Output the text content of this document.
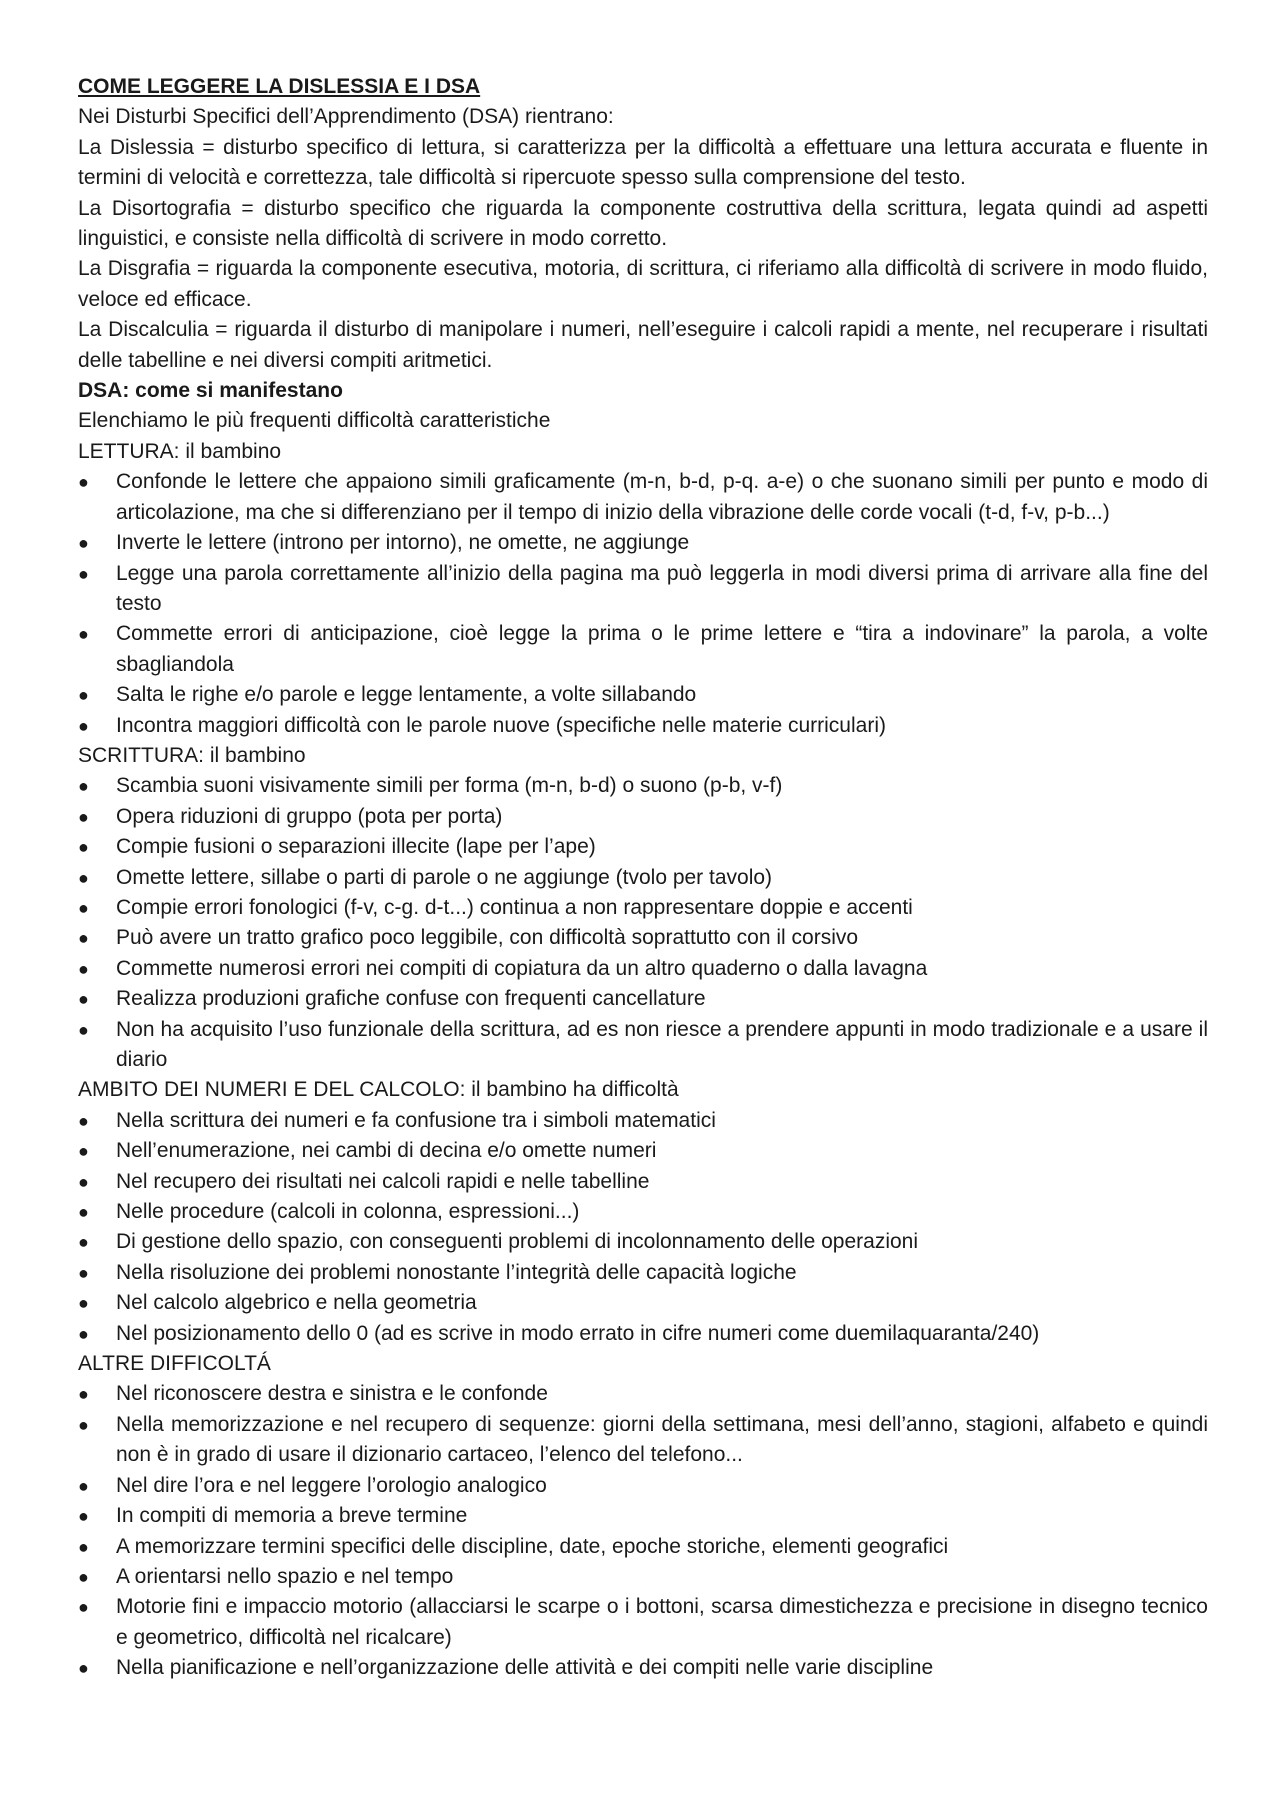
COME LEGGERE LA DISLESSIA E I DSA

Nei Disturbi Specifici dell’Apprendimento (DSA) rientrano:

La Dislessia = disturbo specifico di lettura, si caratterizza per la difficoltà a effettuare una lettura accurata e fluente in termini di velocità e correttezza, tale difficoltà si ripercuote spesso sulla comprensione del testo.

La Disortografia = disturbo specifico che riguarda la componente costruttiva della scrittura, legata quindi ad aspetti linguistici, e consiste nella difficoltà di scrivere in modo corretto.

La Disgrafia = riguarda la componente esecutiva, motoria, di scrittura, ci riferiamo alla difficoltà di scrivere in modo fluido, veloce ed efficace.

La Discalculia = riguarda il disturbo di manipolare i numeri, nell’eseguire i calcoli rapidi a mente, nel recuperare i risultati delle tabelline e nei diversi compiti aritmetici.

DSA: come si manifestano

Elenchiamo le più frequenti difficoltà caratteristiche

LETTURA: il bambino

●	Confonde le lettere che appaiono simili graficamente (m-n, b-d, p-q. a-e) o che suonano simili per punto e modo di articolazione, ma che si differenziano per il tempo di inizio della vibrazione delle corde vocali (t-d, f-v, p-b...)
●	Inverte le lettere (introno per intorno), ne omette, ne aggiunge
●	Legge una parola correttamente all’inizio della pagina ma può leggerla in modi diversi prima di arrivare alla fine del testo
●	Commette errori di anticipazione, cioè legge la prima o le prime lettere e “tira a indovinare” la parola, a volte sbagliandola
●	Salta le righe e/o parole e legge lentamente, a volte sillabando
●	Incontra maggiori difficoltà con le parole nuove (specifiche nelle materie curriculari)

SCRITTURA: il bambino

●	Scambia suoni visivamente simili per forma (m-n, b-d) o suono (p-b, v-f)
●	Opera riduzioni di gruppo (pota per porta)
●	Compie fusioni o separazioni illecite (lape per l’ape)
●	Omette lettere, sillabe o parti di parole o ne aggiunge (tvolo per tavolo)
●	Compie errori fonologici (f-v, c-g. d-t...) continua a non rappresentare doppie e accenti
●	Può avere un tratto grafico poco leggibile, con difficoltà soprattutto con il corsivo
●	Commette numerosi errori nei compiti di copiatura da un altro quaderno o dalla lavagna
●	Realizza produzioni grafiche confuse con frequenti cancellature
●	Non ha acquisito l’uso funzionale della scrittura, ad es non riesce a prendere appunti in modo tradizionale e a usare il diario

AMBITO DEI NUMERI E DEL CALCOLO: il bambino ha difficoltà

●	Nella scrittura dei numeri e fa confusione tra i simboli matematici
●	Nell’enumerazione, nei cambi di decina e/o omette numeri
●	Nel recupero dei risultati nei calcoli rapidi e nelle tabelline
●	Nelle procedure (calcoli in colonna, espressioni...)
●	Di gestione dello spazio, con conseguenti problemi di incolonnamento delle operazioni
●	Nella risoluzione dei problemi nonostante l’integrità delle capacità logiche
●	Nel calcolo algebrico e nella geometria
●	Nel posizionamento dello 0 (ad es scrive in modo errato in cifre numeri come duemilaquaranta/240)

ALTRE DIFFICOLTÁ

●	Nel riconoscere destra e sinistra e le confonde
●	Nella memorizzazione e nel recupero di sequenze: giorni della settimana, mesi dell’anno, stagioni, alfabeto e quindi non è in grado di usare il dizionario cartaceo, l’elenco del telefono...
●	Nel dire l’ora e nel leggere l’orologio analogico
●	In compiti di memoria a breve termine
●	A memorizzare termini specifici delle discipline, date, epoche storiche, elementi geografici
●	A orientarsi nello spazio e nel tempo
●	Motorie fini e impaccio motorio (allacciarsi le scarpe o i bottoni, scarsa dimestichezza e precisione in disegno tecnico e geometrico, difficoltà nel ricalcare)
●	Nella pianificazione e nell’organizzazione delle attività e dei compiti nelle varie discipline
